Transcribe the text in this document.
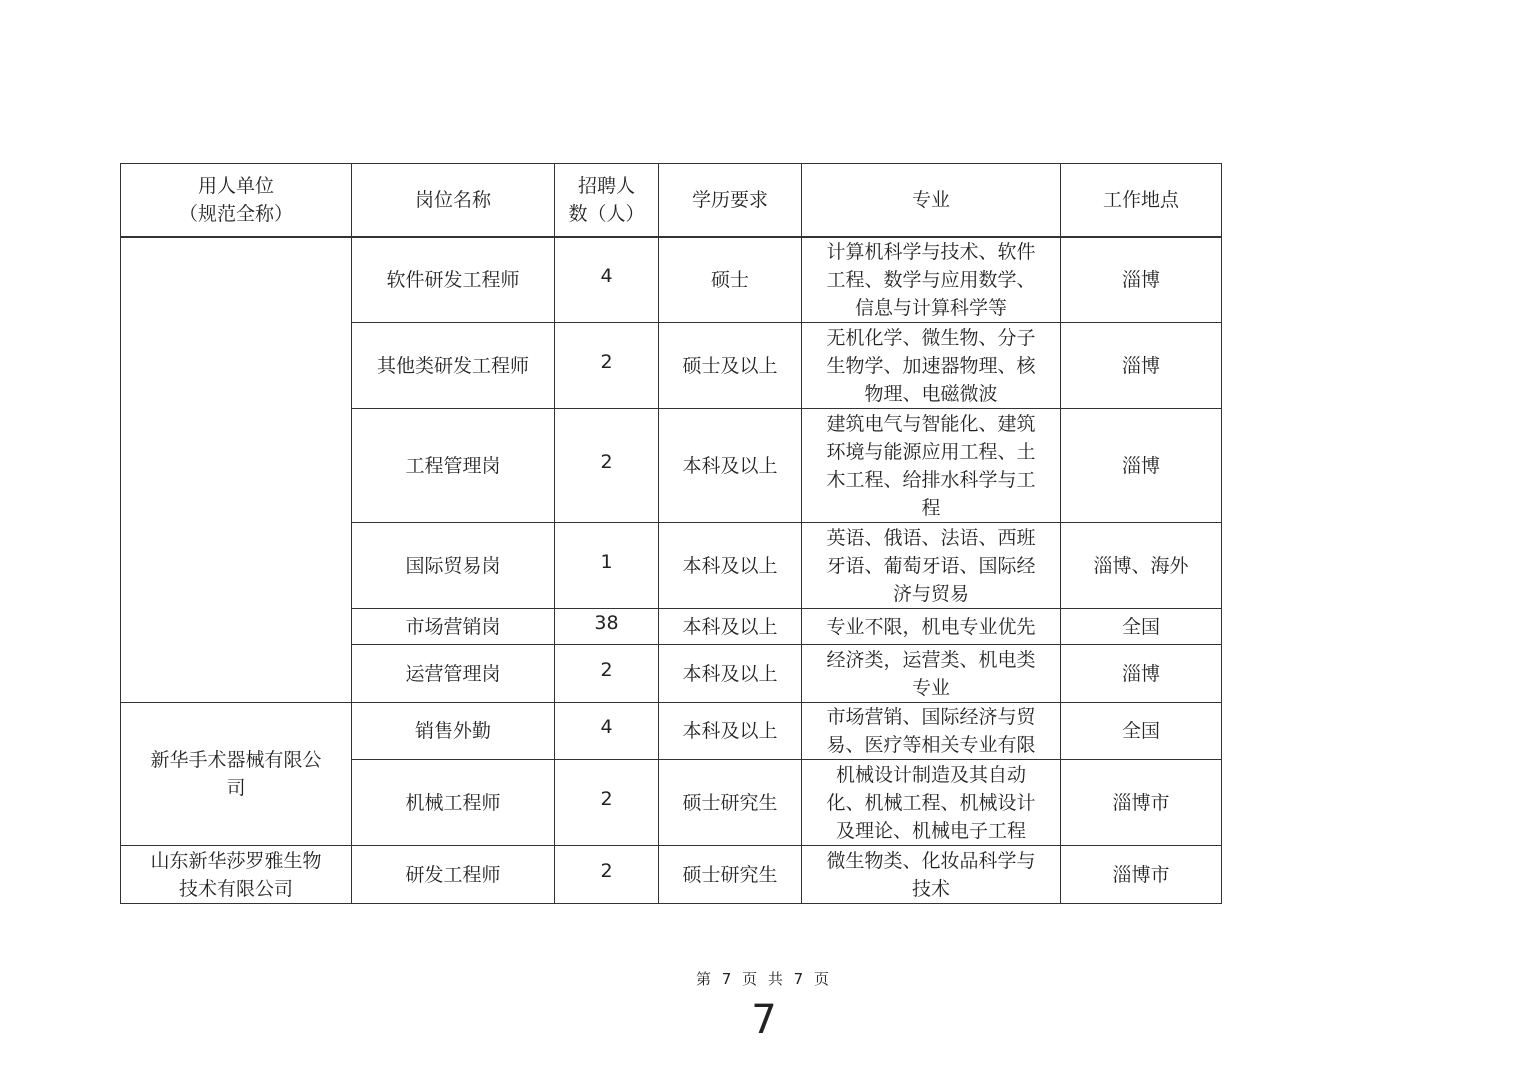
用人单位
（规范全称）	岗位名称	招聘人
数（人）	学历要求	专业	工作地点

	软件研发工程师	4	硕士	计算机科学与技术、软件
工程、数学与应用数学、
信息与计算科学等	淄博

	其他类研发工程师	2	硕士及以上	无机化学、微生物、分子
生物学、加速器物理、核
物理、电磁微波	淄博

	工程管理岗	2	本科及以上	建筑电气与智能化、建筑
环境与能源应用工程、土
木工程、给排水科学与工
程	淄博

	国际贸易岗	1	本科及以上	英语、俄语、法语、西班
牙语、葡萄牙语、国际经
济与贸易	淄博、海外

	市场营销岗	38	本科及以上	专业不限，机电专业优先	全国

	运营管理岗	2	本科及以上	经济类，运营类、机电类
专业	淄博

新华手术器械有限公
司	销售外勤	4	本科及以上	市场营销、国际经济与贸
易、医疗等相关专业有限	全国

	机械工程师	2	硕士研究生	机械设计制造及其自动
化、机械工程、机械设计
及理论、机械电子工程	淄博市

山东新华莎罗雅生物
技术有限公司	研发工程师	2	硕士研究生	微生物类、化妆品科学与
技术	淄博市
第 7 页 共 7 页
7
